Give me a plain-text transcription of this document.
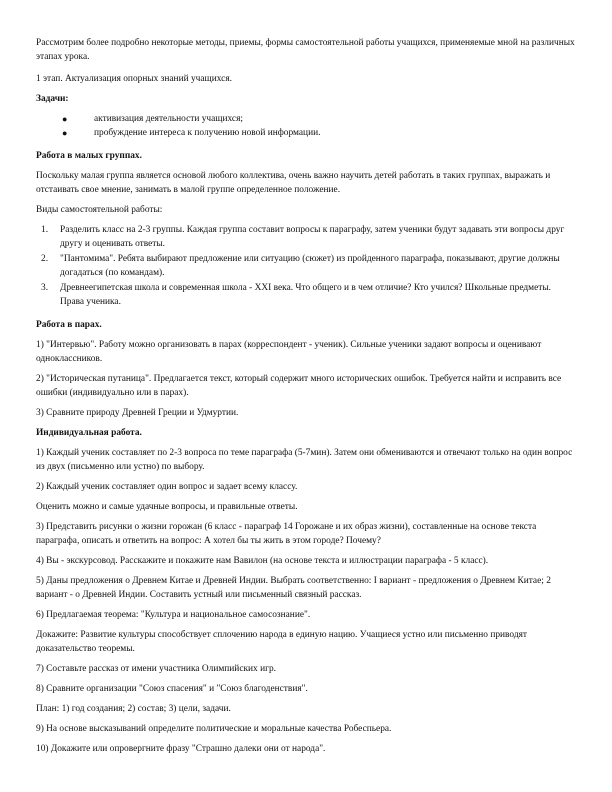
Рассмотрим более подробно некоторые методы, приемы, формы самостоятельной работы учащихся, применяемые мной на различных этапах урока.

1 этап. Актуализация опорных знаний учащихся.

Задачи:

●	активизация деятельности учащихся;
●	пробуждение интереса к получению новой информации.

Работа в малых группах.

Поскольку малая группа является основой любого коллектива, очень важно научить детей работать в таких группах, выражать и отстаивать свое мнение, занимать в малой группе определенное положение.

Виды самостоятельной работы:

1. Разделить класс на 2-3 группы. Каждая группа составит вопросы к параграфу, затем ученики будут задавать эти вопросы друг другу и оценивать ответы.
2. "Пантомима". Ребята выбирают предложение или ситуацию (сюжет) из пройденного параграфа, показывают, другие должны догадаться (по командам).
3. Древнеегипетская школа и современная школа - XXI века. Что общего и в чем отличие? Кто учился? Школьные предметы. Права ученика.

Работа в парах.

1) "Интервью". Работу можно организовать в парах (корреспондент - ученик). Сильные ученики задают вопросы и оценивают одноклассников.

2) "Историческая путаница". Предлагается текст, который содержит много исторических ошибок. Требуется найти и исправить все ошибки (индивидуально или в парах).

3) Сравните природу Древней Греции и Удмуртии.

Индивидуальная работа.

1) Каждый ученик составляет по 2-3 вопроса по теме параграфа (5-7мин). Затем они обмениваются и отвечают только на один вопрос из двух (письменно или устно) по выбору.

2) Каждый ученик составляет один вопрос и задает всему классу.

Оценить можно и самые удачные вопросы, и правильные ответы.

3) Представить рисунки о жизни горожан (6 класс - параграф 14 Горожане и их образ жизни), составленные на основе текста параграфа, описать и ответить на вопрос: А хотел бы ты жить в этом городе? Почему?

4) Вы - экскурсовод. Расскажите и покажите нам Вавилон (на основе текста и иллюстрации параграфа - 5 класс).

5) Даны предложения о Древнем Китае и Древней Индии. Выбрать соответственно: I вариант - предложения о Древнем Китае; 2 вариант - о Древней Индии. Составить устный или письменный связный рассказ.

6) Предлагаемая теорема: "Культура и национальное самосознание".

Докажите: Развитие культуры способствует сплочению народа в единую нацию. Учащиеся устно или письменно приводят доказательство теоремы.

7) Составьте рассказ от имени участника Олимпийских игр.

8) Сравните организации "Союз спасения" и "Союз благоденствия".

План: 1) год создания; 2) состав; 3) цели, задачи.

9) На основе высказываний определите политические и моральные качества Робеспьера.

10) Докажите или опровергните фразу "Страшно далеки они от народа".
